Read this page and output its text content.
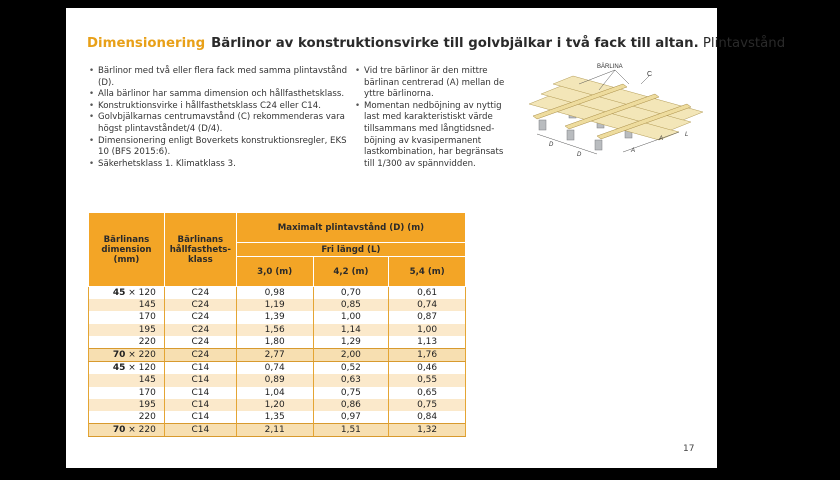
Dimensionering Bärlinor av konstruktionsvirke till golvbjälkar i två fack till altan. Plintavstånd
• Bärlinor med två eller flera fack med samma plintavstånd (D).
• Alla bärlinor har samma dimension och hållfasthetsklass.
• Konstruktionsvirke i hållfasthetsklass C24 eller C14.
• Golvbjälkarnas centrumavstånd (C) rekommenderas vara högst plintavståndet/4 (D/4).
• Dimensionering enligt Boverkets konstruktionsregler, EKS 10 (BFS 2015:6).
• Säkerhetsklass 1. Klimatklass 3.
• Vid tre bärlinor är den mittre bärlinan centrerad (A) mellan de yttre bärlinorna.
• Momentan nedböjning av nyttig last med karakteristiskt värde tillsammans med långtidsned-böjning av kvasipermanent lastkombination, har begränsats till 1/300 av spännvidden.
BÄRLINA
C
D
D
A
A
L
Bärlinans dimension (mm)	Bärlinans hållfasthets-klass	Maximalt plintavstånd (D) (m)		
		Fri längd (L)		
		3,0 (m)	4,2 (m)	5,4 (m)
45 × 120	C24	0,98	0,70	0,61
145	C24	1,19	0,85	0,74
170	C24	1,39	1,00	0,87
195	C24	1,56	1,14	1,00
220	C24	1,80	1,29	1,13
70 × 220	C24	2,77	2,00	1,76
45 × 120	C14	0,74	0,52	0,46
145	C14	0,89	0,63	0,55
170	C14	1,04	0,75	0,65
195	C14	1,20	0,86	0,75
220	C14	1,35	0,97	0,84
70 × 220	C14	2,11	1,51	1,32
17
